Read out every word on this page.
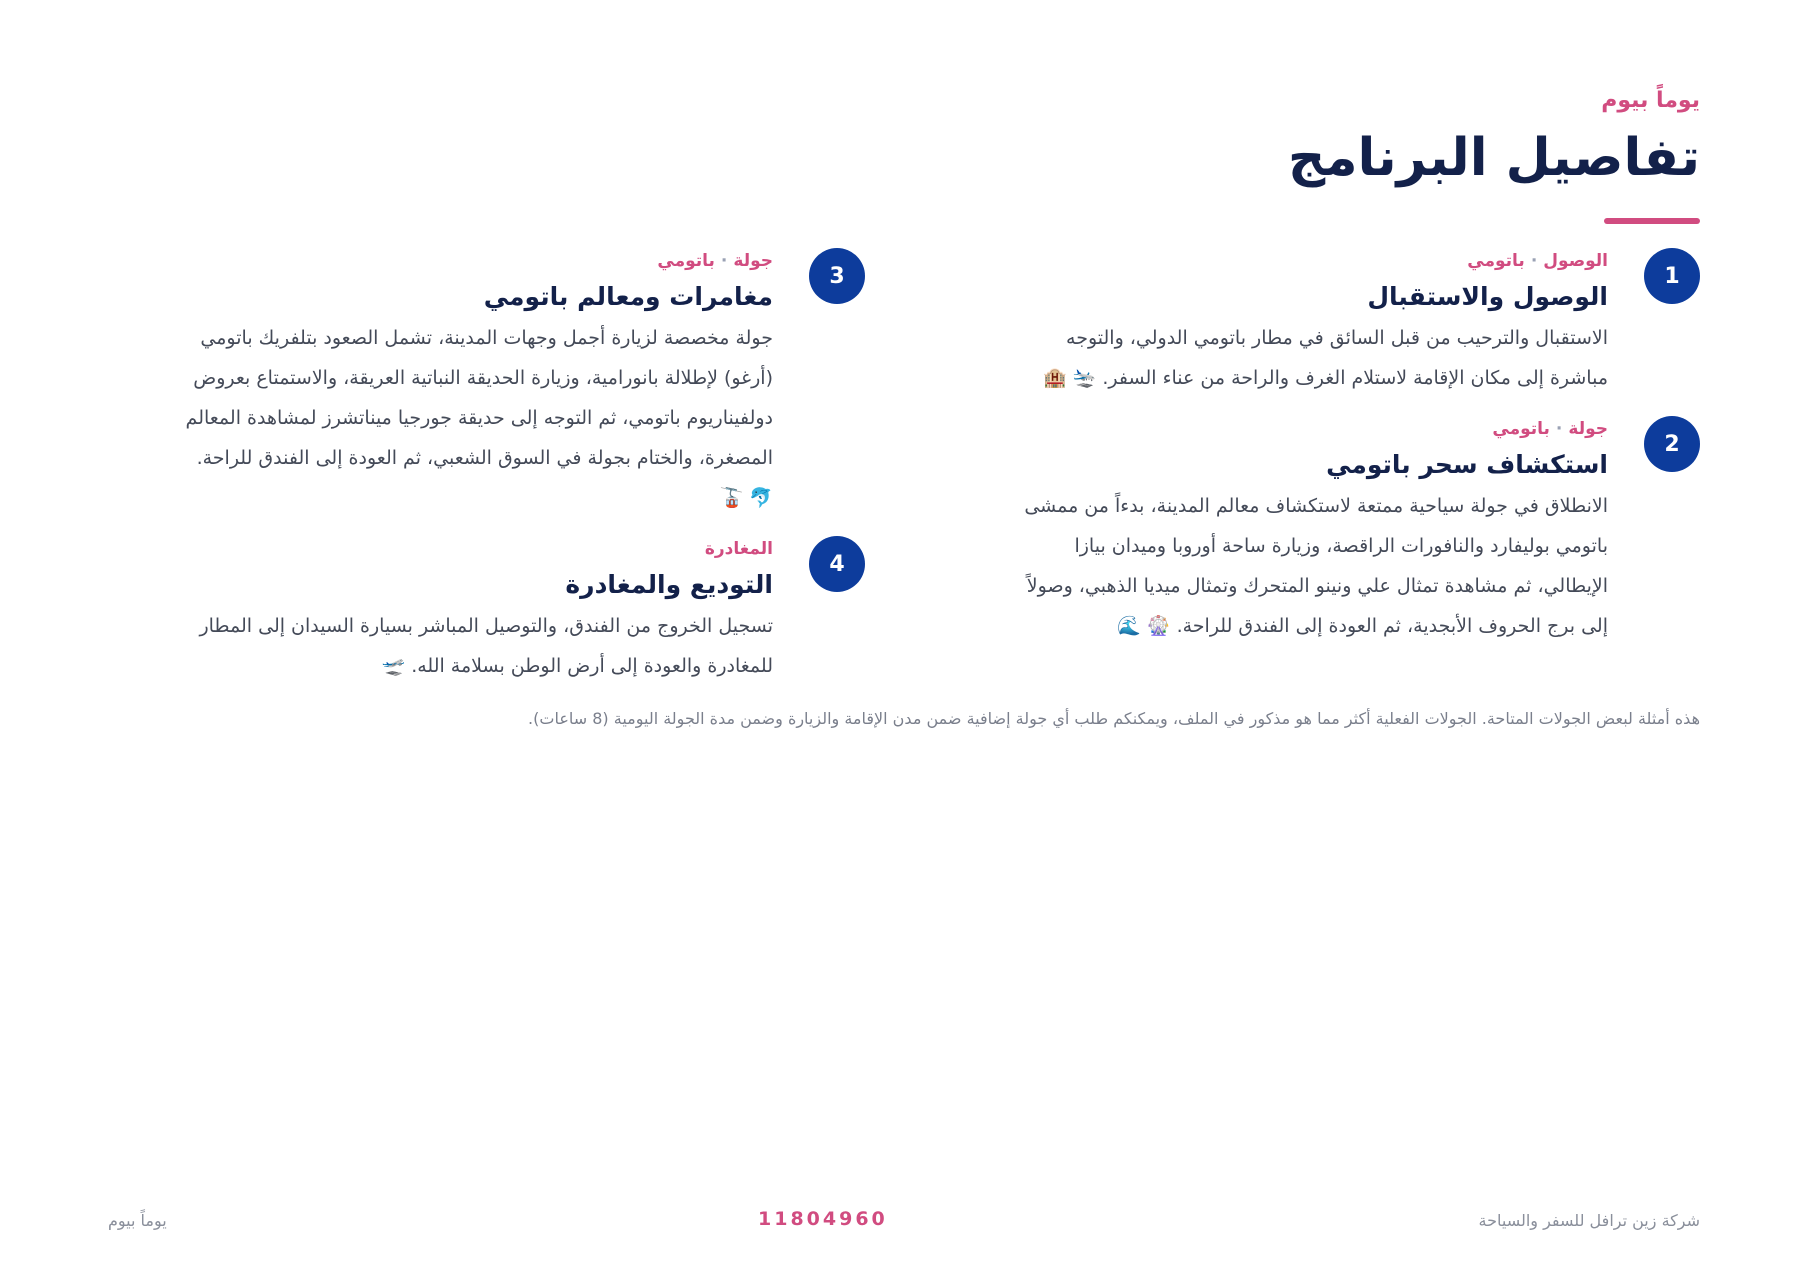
يوماً بيوم
تفاصيل البرنامج
1
الوصول·باتومي
الوصول والاستقبال
الاستقبال والترحيب من قبل السائق في مطار باتومي الدولي، والتوجه مباشرة إلى مكان الإقامة لاستلام الغرف والراحة من عناء السفر. 🛬 🏨
2
جولة·باتومي
استكشاف سحر باتومي
الانطلاق في جولة سياحية ممتعة لاستكشاف معالم المدينة، بدءاً من ممشى باتومي بوليفارد والنافورات الراقصة، وزيارة ساحة أوروبا وميدان بيازا الإيطالي، ثم مشاهدة تمثال علي ونينو المتحرك وتمثال ميديا الذهبي، وصولاً إلى برج الحروف الأبجدية، ثم العودة إلى الفندق للراحة. 🎡 🌊
3
جولة·باتومي
مغامرات ومعالم باتومي
جولة مخصصة لزيارة أجمل وجهات المدينة، تشمل الصعود بتلفريك باتومي (أرغو) لإطلالة بانورامية، وزيارة الحديقة النباتية العريقة، والاستمتاع بعروض دولفيناريوم باتومي، ثم التوجه إلى حديقة جورجيا ميناتشرز لمشاهدة المعالم المصغرة، والختام بجولة في السوق الشعبي، ثم العودة إلى الفندق للراحة. 🐬 🚡
4
المغادرة
التوديع والمغادرة
تسجيل الخروج من الفندق، والتوصيل المباشر بسيارة السيدان إلى المطار للمغادرة والعودة إلى أرض الوطن بسلامة الله. 🛫
هذه أمثلة لبعض الجولات المتاحة. الجولات الفعلية أكثر مما هو مذكور في الملف، ويمكنكم طلب أي جولة إضافية ضمن مدن الإقامة والزيارة وضمن مدة الجولة اليومية (8 ساعات).
شركة زين ترافل للسفر والسياحة
11804960
يوماً بيوم
